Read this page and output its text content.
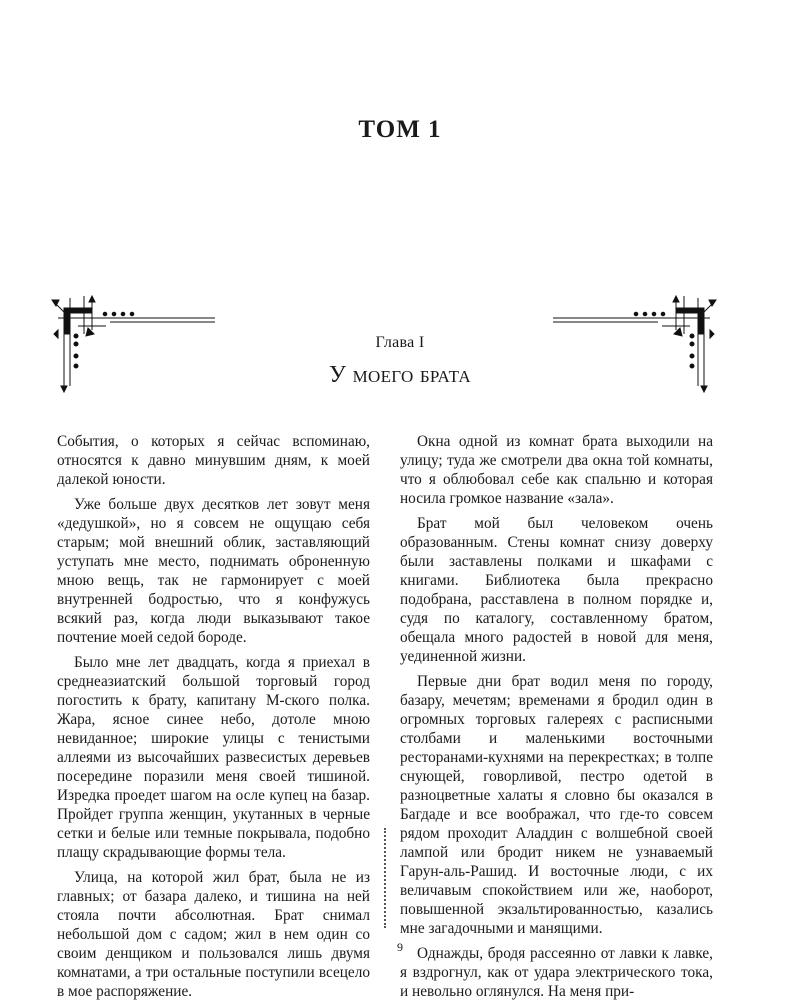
ТОМ 1
Глава I
У моего брата

События, о которых я сейчас вспоминаю, относятся к давно минувшим дням, к моей далекой юности.

Уже больше двух десятков лет зовут меня «дедушкой», но я совсем не ощущаю себя старым; мой внешний облик, заставляющий уступать мне место, поднимать оброненную мною вещь, так не гармонирует с моей внутренней бодростью, что я конфужусь всякий раз, когда люди выказывают такое почтение моей седой бороде.

Было мне лет двадцать, когда я приехал в среднеазиатский большой торговый город погостить к брату, капитану М-ского полка. Жара, ясное синее небо, дотоле мною невиданное; широкие улицы с тенистыми аллеями из высочайших развесистых деревьев посередине поразили меня своей тишиной. Изредка проедет шагом на осле купец на базар. Пройдет группа женщин, укутанных в черные сетки и белые или темные покрывала, подобно плащу скрадывающие формы тела.

Улица, на которой жил брат, была не из главных; от базара далеко, и тишина на ней стояла почти абсолютная. Брат снимал небольшой дом с садом; жил в нем один со своим денщиком и пользовался лишь двумя комнатами, а три остальные поступили всецело в мое распоряжение.

Окна одной из комнат брата выходили на улицу; туда же смотрели два окна той комнаты, что я облюбовал себе как спальню и которая носила громкое название «зала».

Брат мой был человеком очень образованным. Стены комнат снизу доверху были заставлены полками и шкафами с книгами. Библиотека была прекрасно подобрана, расставлена в полном порядке и, судя по каталогу, составленному братом, обещала много радостей в новой для меня, уединенной жизни.

Первые дни брат водил меня по городу, базару, мечетям; временами я бродил один в огромных торговых галереях с расписными столбами и маленькими восточными ресторанами-кухнями на перекрестках; в толпе снующей, говорливой, пестро одетой в разноцветные халаты я словно бы оказался в Багдаде и все воображал, что где-то совсем рядом проходит Аладдин с волшебной своей лампой или бродит никем не узнаваемый Гарун-аль-Рашид. И восточные люди, с их величавым спокойствием или же, наоборот, повышенной экзальтированностью, казались мне загадочными и манящими.

Однажды, бродя рассеянно от лавки к лавке, я вздрогнул, как от удара электрического тока, и невольно оглянулся. На меня при-

9
